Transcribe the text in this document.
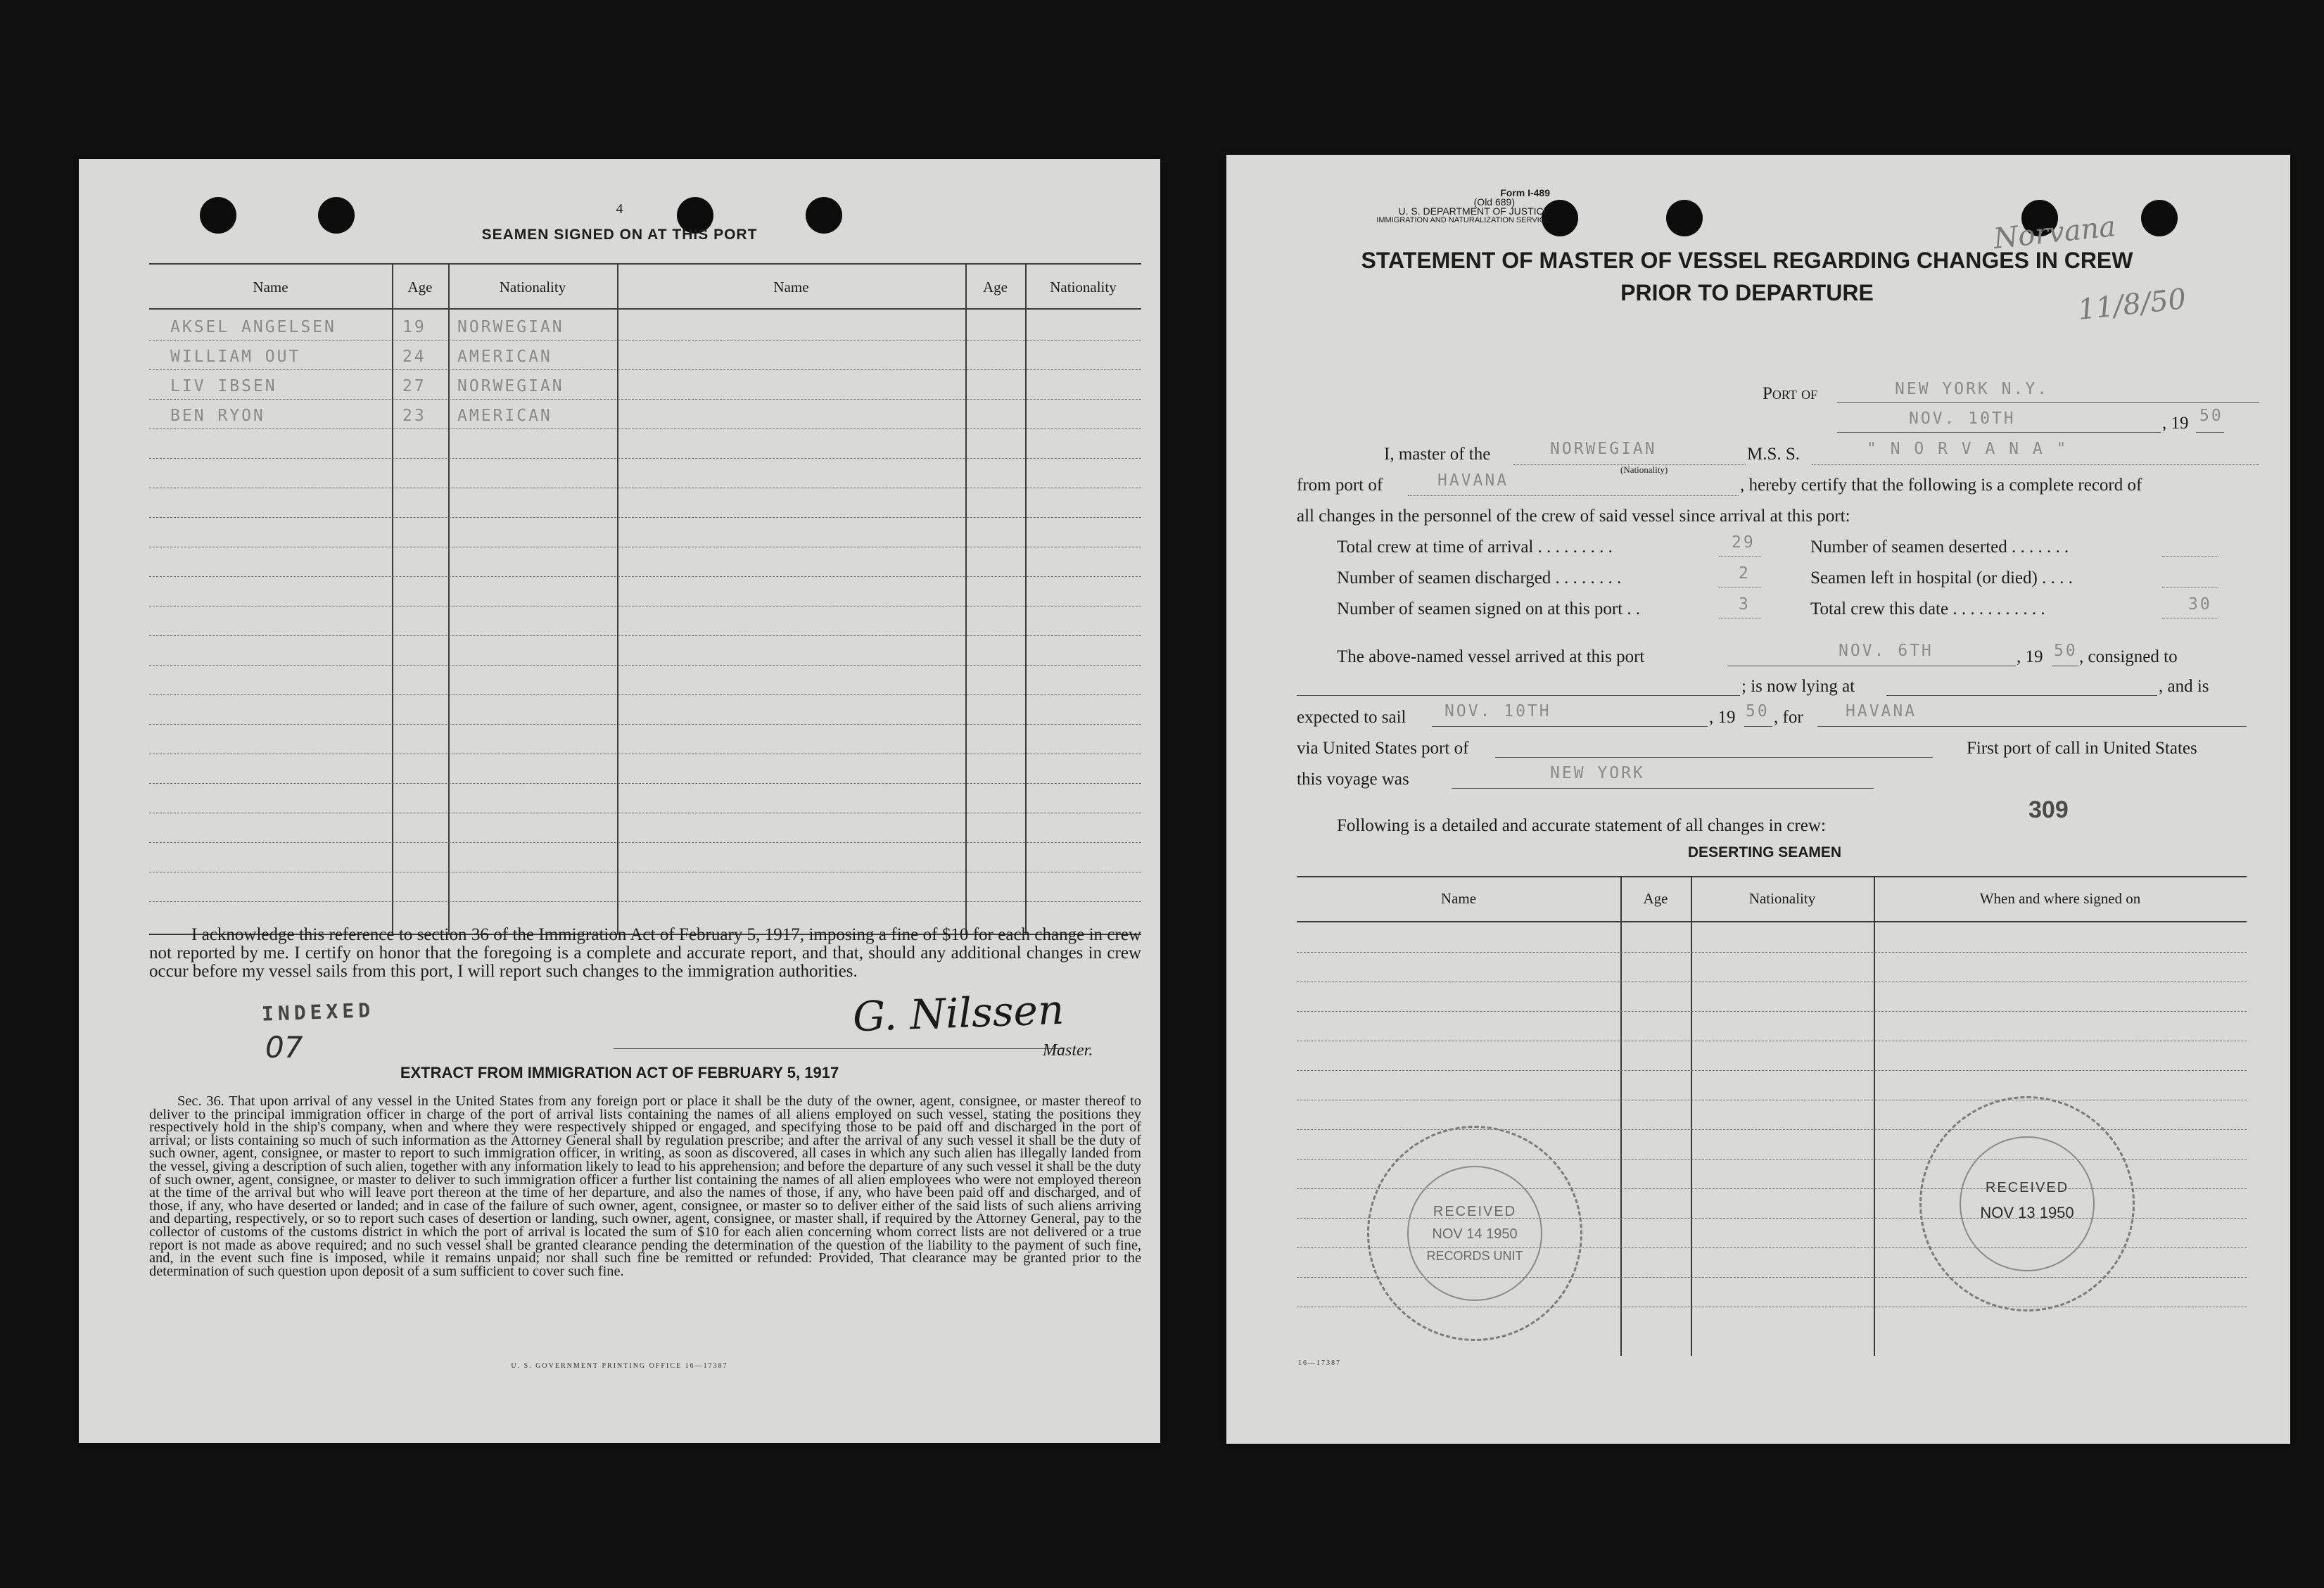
4
SEAMEN SIGNED ON AT THIS PORT
Name	Age	Nationality	Name	Age	Nationality
AKSEL ANGELSEN	19 NORWEGIAN
WILLIAM OUT	24 AMERICAN
LIV IBSEN	27 NORWEGIAN
BEN RYON	23 AMERICAN
I acknowledge this reference to section 36 of the Immigration Act of February 5, 1917, imposing a fine of $10 for each change in crew not reported by me. I certify on honor that the foregoing is a complete and accurate report, and that, should any additional changes in crew occur before my vessel sails from this port, I will report such changes to the immigration authorities.
INDEXED
07
G. Nilssen
Master.
EXTRACT FROM IMMIGRATION ACT OF FEBRUARY 5, 1917
Sec. 36. That upon arrival of any vessel in the United States from any foreign port or place it shall be the duty of the owner, agent, consignee, or master thereof to deliver to the principal immigration officer in charge of the port of arrival lists containing the names of all aliens employed on such vessel, stating the positions they respectively hold in the ship's company, when and where they were respectively shipped or engaged, and specifying those to be paid off and discharged in the port of arrival; or lists containing so much of such information as the Attorney General shall by regulation prescribe; and after the arrival of any such vessel it shall be the duty of such owner, agent, consignee, or master to report to such immigration officer, in writing, as soon as discovered, all cases in which any such alien has illegally landed from the vessel, giving a description of such alien, together with any information likely to lead to his apprehension; and before the departure of any such vessel it shall be the duty of such owner, agent, consignee, or master to deliver to such immigration officer a further list containing the names of all alien employees who were not employed thereon at the time of the arrival but who will leave port thereon at the time of her departure, and also the names of those, if any, who have been paid off and discharged, and of those, if any, who have deserted or landed; and in case of the failure of such owner, agent, consignee, or master so to deliver either of the said lists of such aliens arriving and departing, respectively, or so to report such cases of desertion or landing, such owner, agent, consignee, or master shall, if required by the Attorney General, pay to the collector of customs of the customs district in which the port of arrival is located the sum of $10 for each alien concerning whom correct lists are not delivered or a true report is not made as above required; and no such vessel shall be granted clearance pending the determination of the question of the liability to the payment of such fine, and, in the event such fine is imposed, while it remains unpaid; nor shall such fine be remitted or refunded: Provided, That clearance may be granted prior to the determination of such question upon deposit of a sum sufficient to cover such fine.
U. S. GOVERNMENT PRINTING OFFICE 16—17387
Form I-489
(Old 689)
U. S. DEPARTMENT OF JUSTICE
IMMIGRATION AND NATURALIZATION SERVICE	Norvana
11/8/50
STATEMENT OF MASTER OF VESSEL REGARDING CHANGES IN CREW
PRIOR TO DEPARTURE
Port of	NEW YORK N.Y.
NOV. 10TH	, 19 50
I, master of the	NORWEGIAN
(Nationality)
M.S. S.	" N O R V A N A "
from port of	HAVANA	, hereby certify that the following is a complete record of
all changes in the personnel of the crew of said vessel since arrival at this port:
Total crew at time of arrival . . . . . . . . .	29	Number of seamen deserted . . . . . . .
Number of seamen discharged . . . . . . . .	2	Seamen left in hospital (or died) . . . .
Number of seamen signed on at this port . .	3	Total crew this date . . . . . . . . . . .	30
The above-named vessel arrived at this port	NOV. 6TH	, 19 50 , consigned to
; is now lying at	, and is
expected to sail NOV. 10TH	, 19 50 , for	HAVANA
via United States port of	First port of call in United States
this voyage was	NEW YORK
309
Following is a detailed and accurate statement of all changes in crew:
DESERTING SEAMEN
Name	Age	Nationality	When and where signed on
RECEIVED
NOV 14 1950
RECORDS UNIT
RECEIVED
NOV 13 1950
16—17387
